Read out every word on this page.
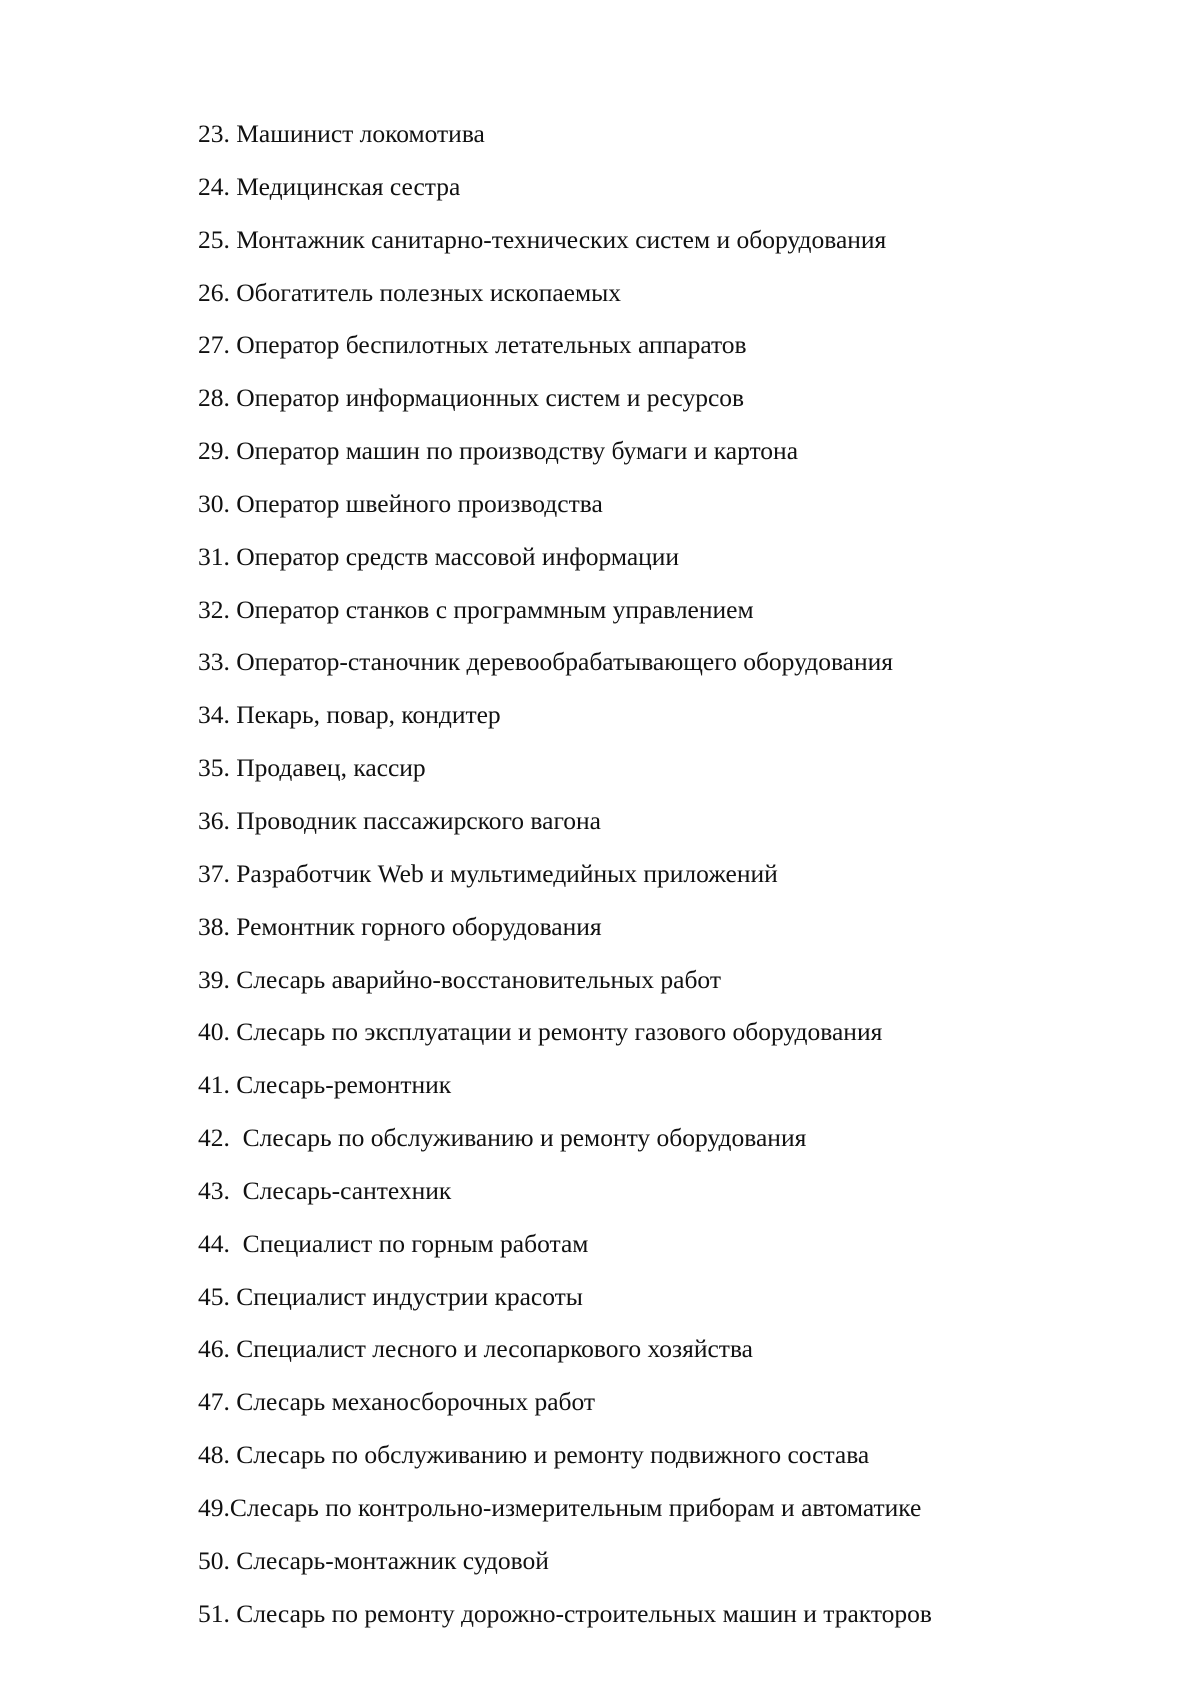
23. Машинист локомотива
24. Медицинская сестра
25. Монтажник санитарно-технических систем и оборудования
26. Обогатитель полезных ископаемых
27. Оператор беспилотных летательных аппаратов
28. Оператор информационных систем и ресурсов
29. Оператор машин по производству бумаги и картона
30. Оператор швейного производства
31. Оператор средств массовой информации
32. Оператор станков с программным управлением
33. Оператор-станочник деревообрабатывающего оборудования
34. Пекарь, повар, кондитер
35. Продавец, кассир
36. Проводник пассажирского вагона
37. Разработчик Web и мультимедийных приложений
38. Ремонтник горного оборудования
39. Слесарь аварийно-восстановительных работ
40. Слесарь по эксплуатации и ремонту газового оборудования
41. Слесарь-ремонтник
42.  Слесарь по обслуживанию и ремонту оборудования
43.  Слесарь-сантехник
44.  Специалист по горным работам
45. Специалист индустрии красоты
46. Специалист лесного и лесопаркового хозяйства
47. Слесарь механосборочных работ
48. Слесарь по обслуживанию и ремонту подвижного состава
49.Слесарь по контрольно-измерительным приборам и автоматике
50. Слесарь-монтажник судовой
51. Слесарь по ремонту дорожно-строительных машин и тракторов
